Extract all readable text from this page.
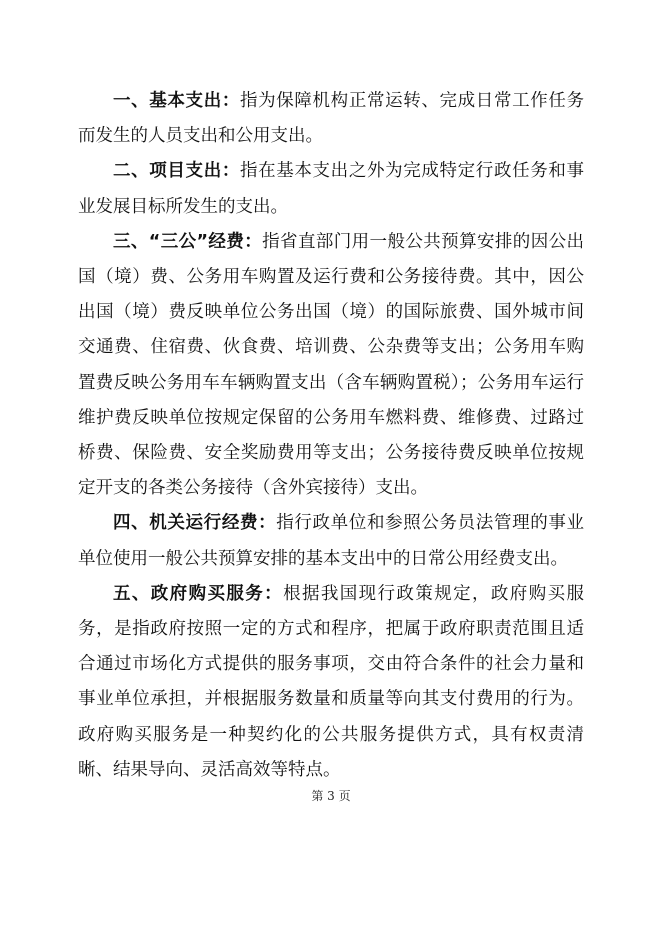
一、基本支出：指为保障机构正常运转、完成日常工作任务而发生的人员支出和公用支出。

二、项目支出：指在基本支出之外为完成特定行政任务和事业发展目标所发生的支出。

三、“三公”经费：指省直部门用一般公共预算安排的因公出国（境）费、公务用车购置及运行费和公务接待费。其中，因公出国（境）费反映单位公务出国（境）的国际旅费、国外城市间交通费、住宿费、伙食费、培训费、公杂费等支出；公务用车购置费反映公务用车车辆购置支出（含车辆购置税）；公务用车运行维护费反映单位按规定保留的公务用车燃料费、维修费、过路过桥费、保险费、安全奖励费用等支出；公务接待费反映单位按规定开支的各类公务接待（含外宾接待）支出。

四、机关运行经费：指行政单位和参照公务员法管理的事业单位使用一般公共预算安排的基本支出中的日常公用经费支出。

五、政府购买服务：根据我国现行政策规定，政府购买服务，是指政府按照一定的方式和程序，把属于政府职责范围且适合通过市场化方式提供的服务事项，交由符合条件的社会力量和事业单位承担，并根据服务数量和质量等向其支付费用的行为。政府购买服务是一种契约化的公共服务提供方式，具有权责清晰、结果导向、灵活高效等特点。

第 3 页
